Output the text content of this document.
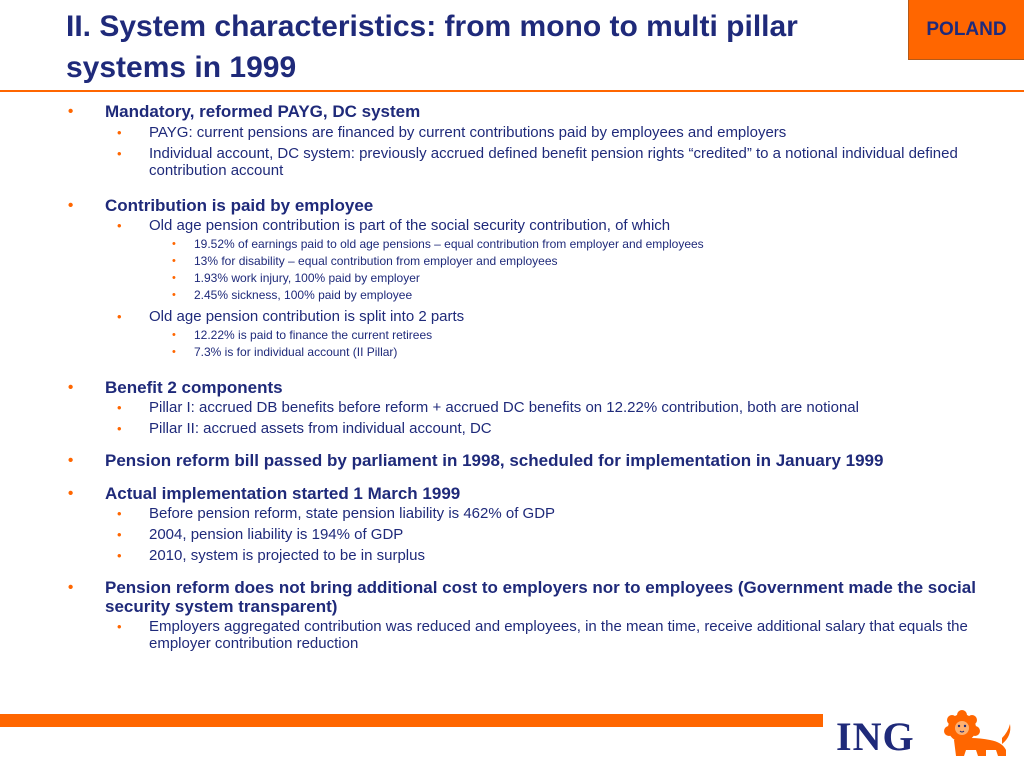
II. System characteristics: from mono to multi pillar systems in 1999
POLAND
• Mandatory, reformed PAYG, DC system
• PAYG: current pensions are financed by current contributions paid by employees and employers
• Individual account, DC system: previously accrued defined benefit pension rights “credited” to a notional individual defined contribution account
• Contribution is paid by employee
• Old age pension contribution is part of the social security contribution, of which
• 19.52% of earnings paid to old age pensions – equal contribution from employer and employees
• 13% for disability – equal contribution from employer and employees
• 1.93% work injury, 100% paid by employer
• 2.45% sickness, 100% paid by employee
• Old age pension contribution is split into 2 parts
• 12.22% is paid to finance the current retirees
• 7.3% is for individual account (II Pillar)
• Benefit 2 components
• Pillar I: accrued DB benefits before reform + accrued DC benefits on 12.22% contribution, both are notional
• Pillar II: accrued assets from individual account, DC
• Pension reform bill passed by parliament in 1998, scheduled for implementation in January 1999
• Actual implementation started 1 March 1999
• Before pension reform, state pension liability is 462% of GDP
• 2004, pension liability is 194% of GDP
• 2010, system is projected to be in surplus
• Pension reform does not bring additional cost to employers nor to employees (Government made the social security system transparent)
• Employers aggregated contribution was reduced and employees, in the mean time, receive additional salary that equals the employer contribution reduction
ING
